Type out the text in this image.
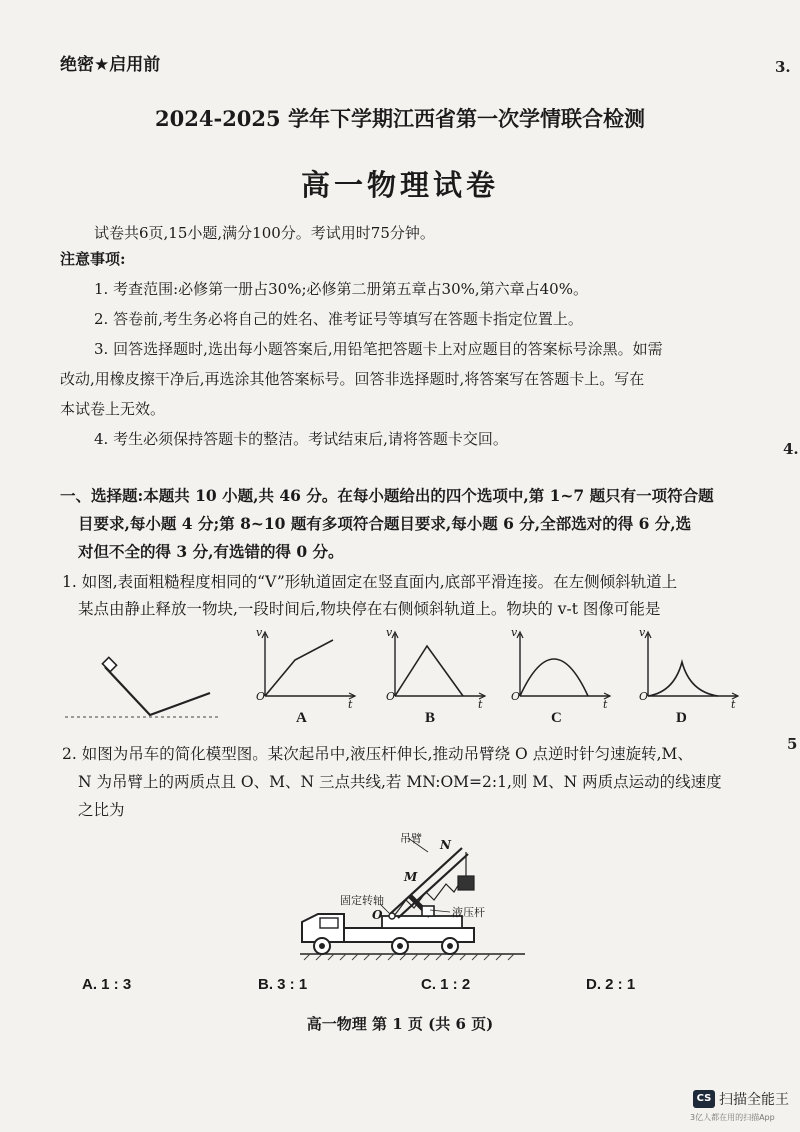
绝密★启用前
2024-2025 学年下学期江西省第一次学情联合检测
高一物理试卷
试卷共6页,15小题,满分100分。考试用时75分钟。
注意事项:
1. 考查范围:必修第一册占30%;必修第二册第五章占30%,第六章占40%。
2. 答卷前,考生务必将自己的姓名、准考证号等填写在答题卡指定位置上。
3. 回答选择题时,选出每小题答案后,用铅笔把答题卡上对应题目的答案标号涂黑。如需
改动,用橡皮擦干净后,再选涂其他答案标号。回答非选择题时,将答案写在答题卡上。写在
本试卷上无效。
4. 考生必须保持答题卡的整洁。考试结束后,请将答题卡交回。
一、选择题:本题共 10 小题,共 46 分。在每小题给出的四个选项中,第 1~7 题只有一项符合题
目要求,每小题 4 分;第 8~10 题有多项符合题目要求,每小题 6 分,全部选对的得 6 分,选
对但不全的得 3 分,有选错的得 0 分。
1. 如图,表面粗糙程度相同的“V”形轨道固定在竖直面内,底部平滑连接。在左侧倾斜轨道上
某点由静止释放一物块,一段时间后,物块停在右侧倾斜轨道上。物块的 v-t 图像可能是
v
t
O
A
v
t
O
B
v
t
O
C
v
t
O
D
2. 如图为吊车的简化模型图。某次起吊中,液压杆伸长,推动吊臂绕 O 点逆时针匀速旋转,M、
N 为吊臂上的两质点且 O、M、N 三点共线,若 MN:OM=2:1,则 M、N 两质点运动的线速度
之比为
吊臂 N
M
固定转轴
O	液压杆
A. 1 : 3	B. 3 : 1	C. 1 : 2	D. 2 : 1
高一物理 第 1 页 (共 6 页)
3.
4.
5
CS 扫描全能王
3亿人都在用的扫描App
